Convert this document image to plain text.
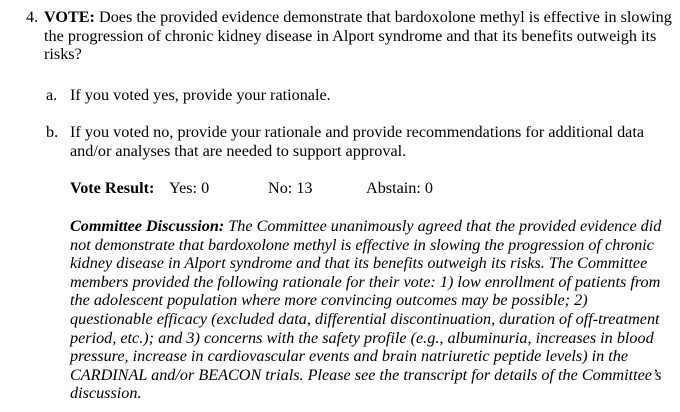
4. VOTE: Does the provided evidence demonstrate that bardoxolone methyl is effective in slowing the progression of chronic kidney disease in Alport syndrome and that its benefits outweigh its risks?
a. If you voted yes, provide your rationale.
b. If you voted no, provide your rationale and provide recommendations for additional data and/or analyses that are needed to support approval.
Vote Result: Yes: 0	No: 13	Abstain: 0
Committee Discussion: The Committee unanimously agreed that the provided evidence did not demonstrate that bardoxolone methyl is effective in slowing the progression of chronic kidney disease in Alport syndrome and that its benefits outweigh its risks. The Committee members provided the following rationale for their vote: 1) low enrollment of patients from the adolescent population where more convincing outcomes may be possible; 2) questionable efficacy (excluded data, differential discontinuation, duration of off-treatment period, etc.); and 3) concerns with the safety profile (e.g., albuminuria, increases in blood pressure, increase in cardiovascular events and brain natriuretic peptide levels) in the CARDINAL and/or BEACON trials. Please see the transcript for details of the Committee’s discussion.
